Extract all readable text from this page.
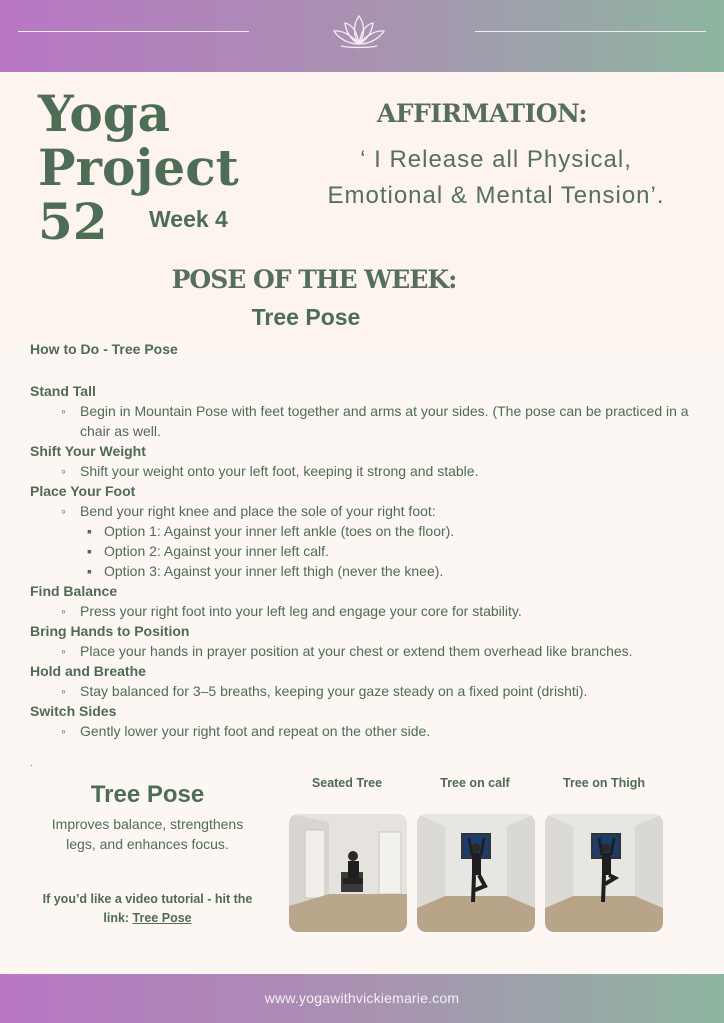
Yoga
Project
52 Week 4
AFFIRMATION:
‘ I Release all Physical,
Emotional & Mental Tension’.
POSE OF THE WEEK:
Tree Pose
How to Do - Tree Pose
Stand Tall
◦ Begin in Mountain Pose with feet together and arms at your sides. (The pose can be practiced in a chair as well.
Shift Your Weight
◦ Shift your weight onto your left foot, keeping it strong and stable.
Place Your Foot
◦ Bend your right knee and place the sole of your right foot:
▪ Option 1: Against your inner left ankle (toes on the floor).
▪ Option 2: Against your inner left calf.
▪ Option 3: Against your inner left thigh (never the knee).
Find Balance
◦ Press your right foot into your left leg and engage your core for stability.
Bring Hands to Position
◦ Place your hands in prayer position at your chest or extend them overhead like branches.
Hold and Breathe
◦ Stay balanced for 3–5 breaths, keeping your gaze steady on a fixed point (drishti).
Switch Sides
◦ Gently lower your right foot and repeat on the other side.
.
Tree Pose
Improves balance, strengthens legs, and enhances focus.
If you’d like a video tutorial - hit the link: Tree Pose
Seated Tree	Tree on calf	Tree on Thigh
www.yogawithvickiemarie.com
